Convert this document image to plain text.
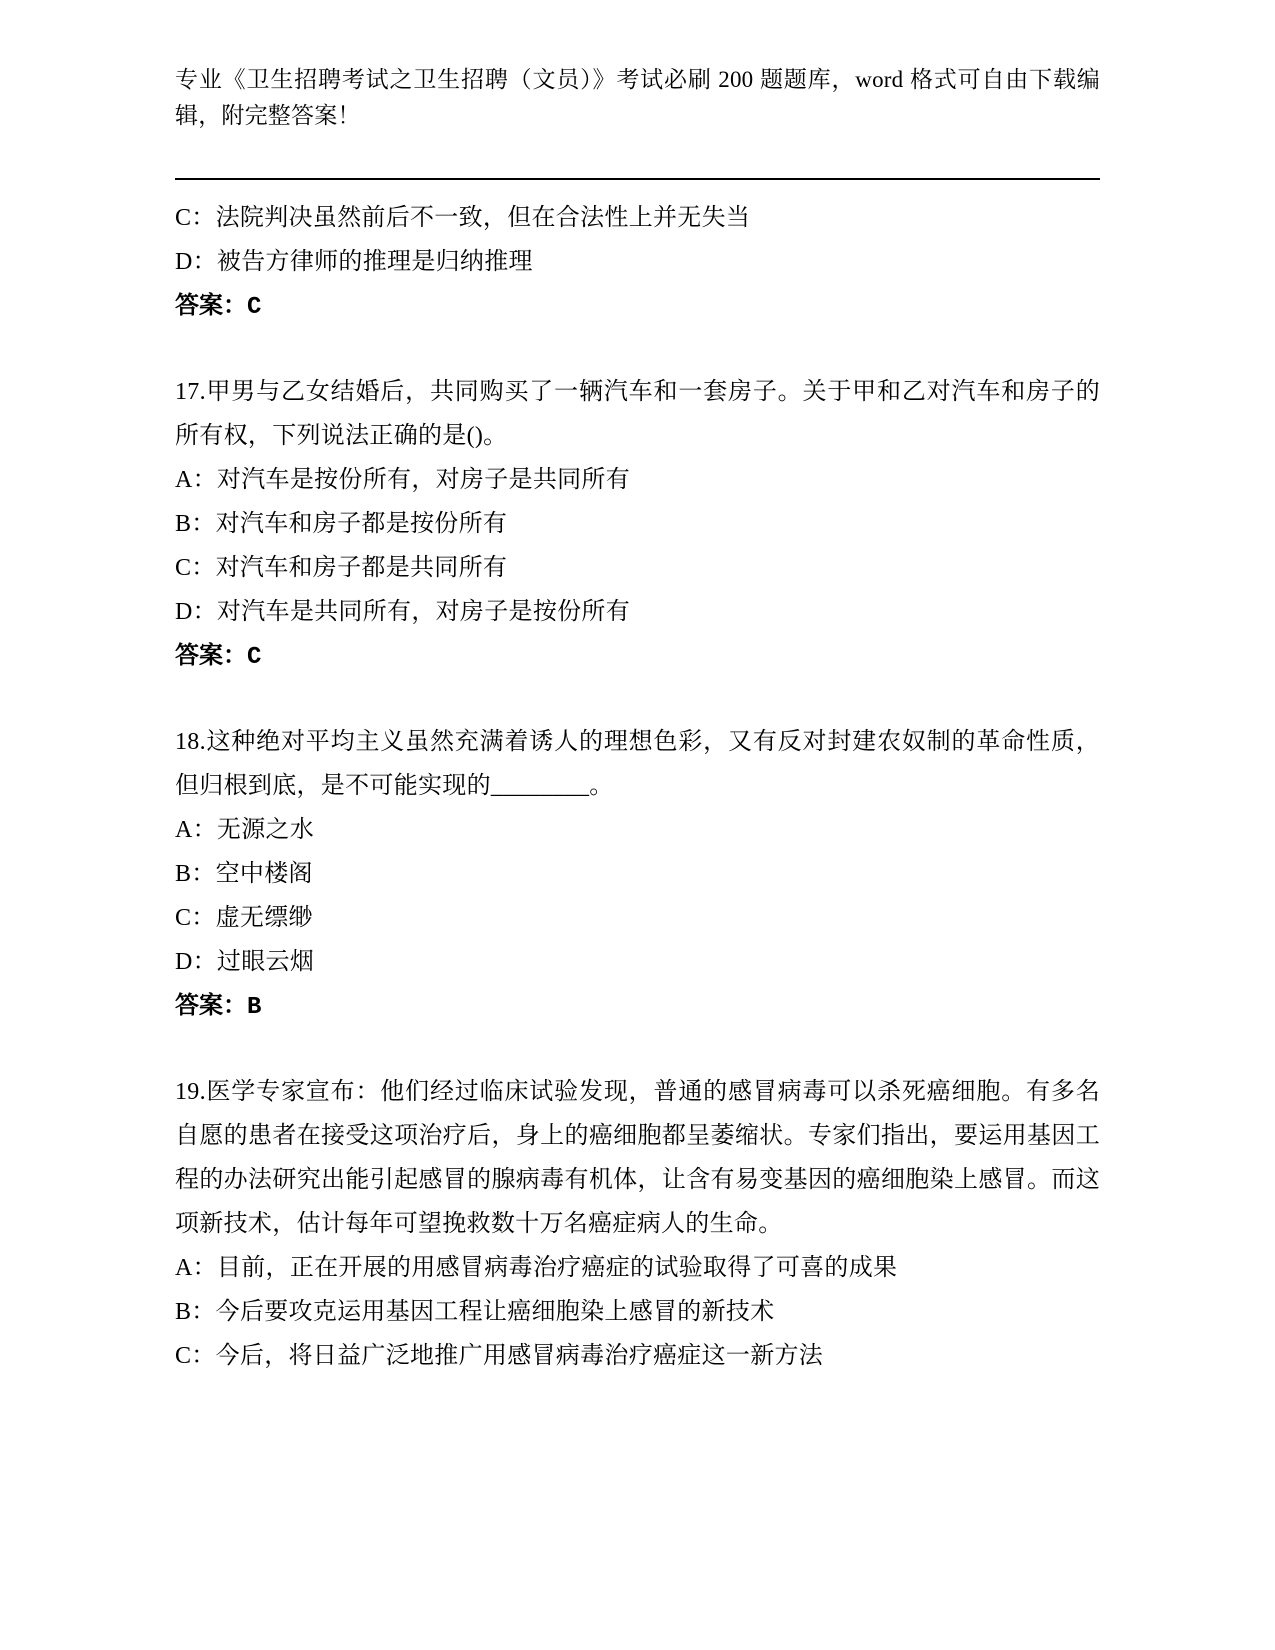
专业《卫生招聘考试之卫生招聘（文员）》考试必刷 200 题题库，word 格式可自由下载编辑，附完整答案！
C：法院判决虽然前后不一致，但在合法性上并无失当
D：被告方律师的推理是归纳推理
答案：C
17.甲男与乙女结婚后，共同购买了一辆汽车和一套房子。关于甲和乙对汽车和房子的所有权，下列说法正确的是()。
A：对汽车是按份所有，对房子是共同所有
B：对汽车和房子都是按份所有
C：对汽车和房子都是共同所有
D：对汽车是共同所有，对房子是按份所有
答案：C
18.这种绝对平均主义虽然充满着诱人的理想色彩，又有反对封建农奴制的革命性质，但归根到底，是不可能实现的________。
A：无源之水
B：空中楼阁
C：虚无缥缈
D：过眼云烟
答案：B
19.医学专家宣布：他们经过临床试验发现，普通的感冒病毒可以杀死癌细胞。有多名自愿的患者在接受这项治疗后，身上的癌细胞都呈萎缩状。专家们指出，要运用基因工程的办法研究出能引起感冒的腺病毒有机体，让含有易变基因的癌细胞染上感冒。而这项新技术，估计每年可望挽救数十万名癌症病人的生命。
A：目前，正在开展的用感冒病毒治疗癌症的试验取得了可喜的成果
B：今后要攻克运用基因工程让癌细胞染上感冒的新技术
C：今后，将日益广泛地推广用感冒病毒治疗癌症这一新方法
